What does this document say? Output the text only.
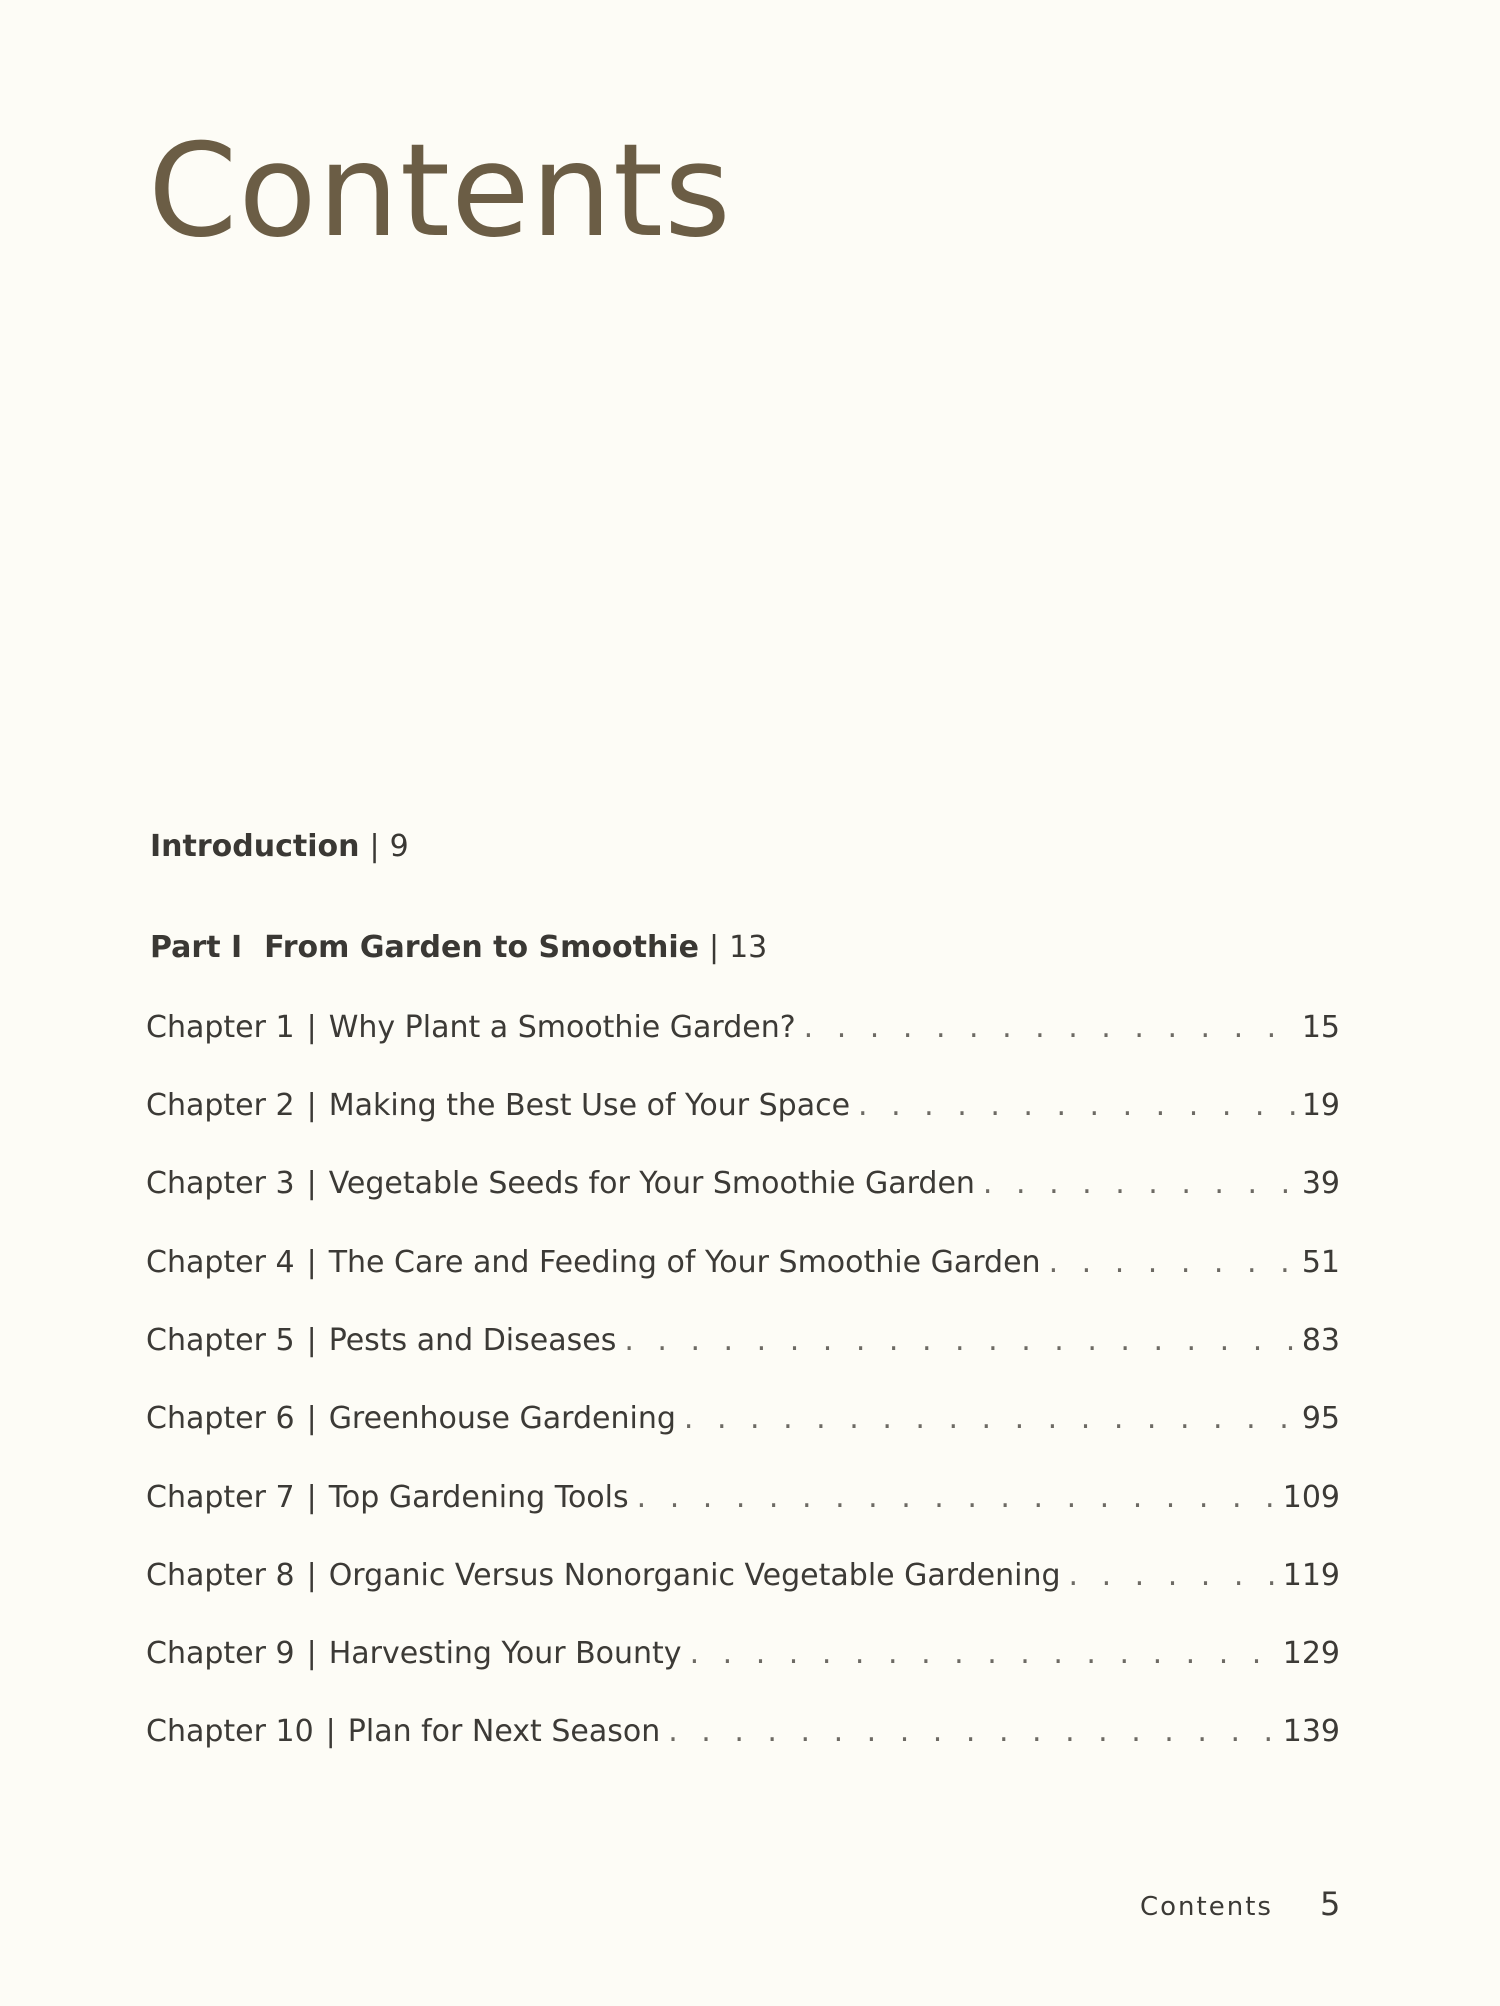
Contents
Introduction | 9
Part I From Garden to Smoothie | 13
Chapter 1 | Why Plant a Smoothie Garden? . . .	15
Chapter 2 | Making the Best Use of Your Space . . .	19
Chapter 3 | Vegetable Seeds for Your Smoothie Garden . . .	39
Chapter 4 | The Care and Feeding of Your Smoothie Garden . . .	51
Chapter 5 | Pests and Diseases . . .	83
Chapter 6 | Greenhouse Gardening . . .	95
Chapter 7 | Top Gardening Tools . . .	109
Chapter 8 | Organic Versus Nonorganic Vegetable Gardening . . .	119
Chapter 9 | Harvesting Your Bounty . . .	129
Chapter 10 | Plan for Next Season . . .	139
Contents 5
